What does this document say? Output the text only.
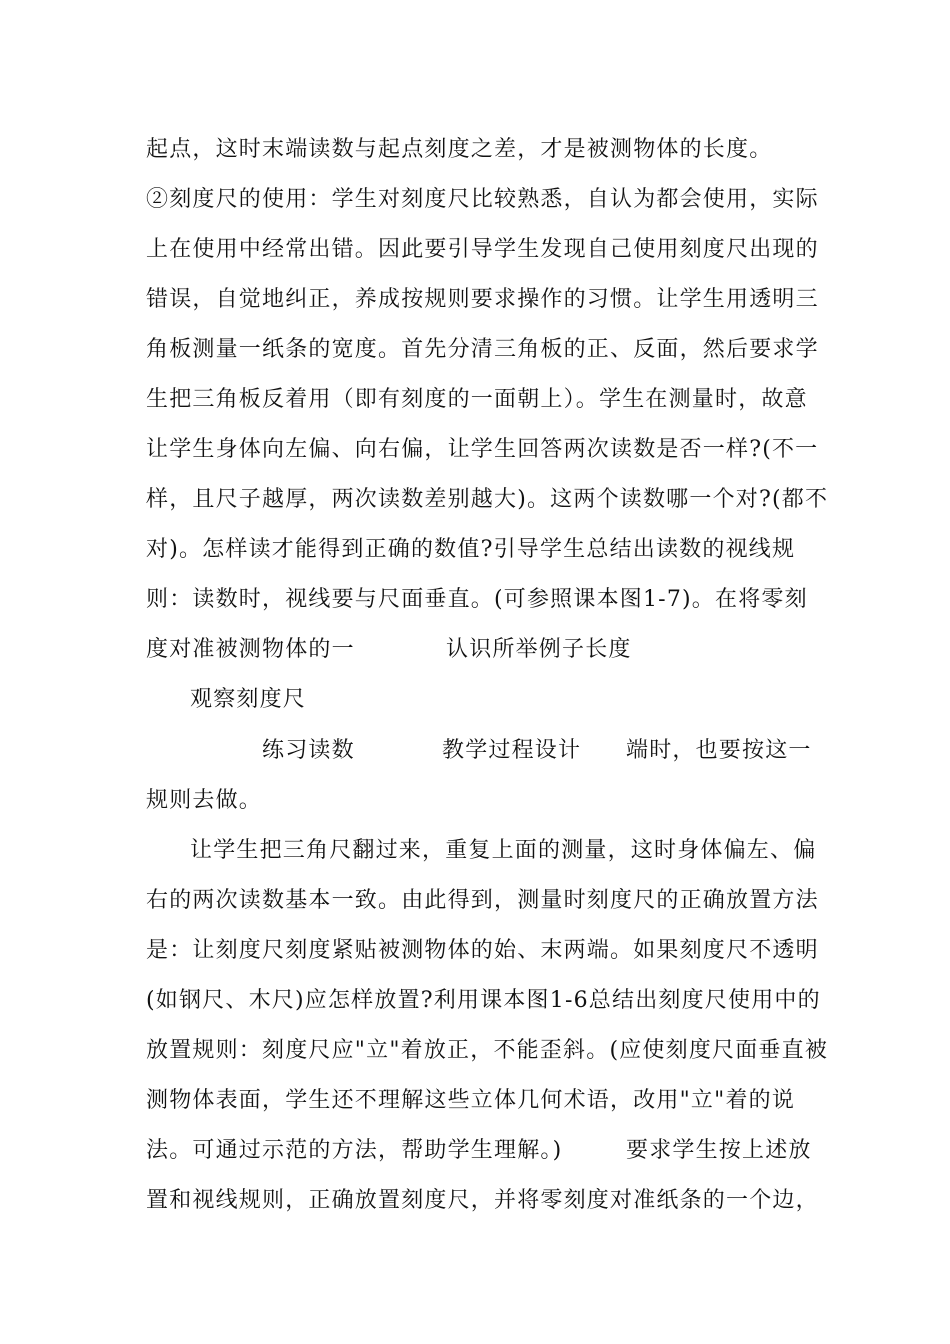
起点，这时末端读数与起点刻度之差，才是被测物体的长度。
②刻度尺的使用：学生对刻度尺比较熟悉，自认为都会使用，实际
上在使用中经常出错。因此要引导学生发现自己使用刻度尺出现的
错误，自觉地纠正，养成按规则要求操作的习惯。让学生用透明三
角板测量一纸条的宽度。首先分清三角板的正、反面，然后要求学
生把三角板反着用（即有刻度的一面朝上）。学生在测量时，故意
让学生身体向左偏、向右偏，让学生回答两次读数是否一样?(不一
样，且尺子越厚，两次读数差别越大)。这两个读数哪一个对?(都不
对)。怎样读才能得到正确的数值?引导学生总结出读数的视线规
则：读数时，视线要与尺面垂直。(可参照课本图1-7)。在将零刻
度对准被测物体的一	认识所举例子长度
观察刻度尺
练习读数	教学过程设计 端时，也要按这一
规则去做。
让学生把三角尺翻过来，重复上面的测量，这时身体偏左、偏
右的两次读数基本一致。由此得到，测量时刻度尺的正确放置方法
是：让刻度尺刻度紧贴被测物体的始、末两端。如果刻度尺不透明
(如钢尺、木尺)应怎样放置?利用课本图1-6总结出刻度尺使用中的
放置规则：刻度尺应"立"着放正，不能歪斜。(应使刻度尺面垂直被
测物体表面，学生还不理解这些立体几何术语，改用"立"着的说
法。可通过示范的方法，帮助学生理解。)	要求学生按上述放
置和视线规则，正确放置刻度尺，并将零刻度对准纸条的一个边，
